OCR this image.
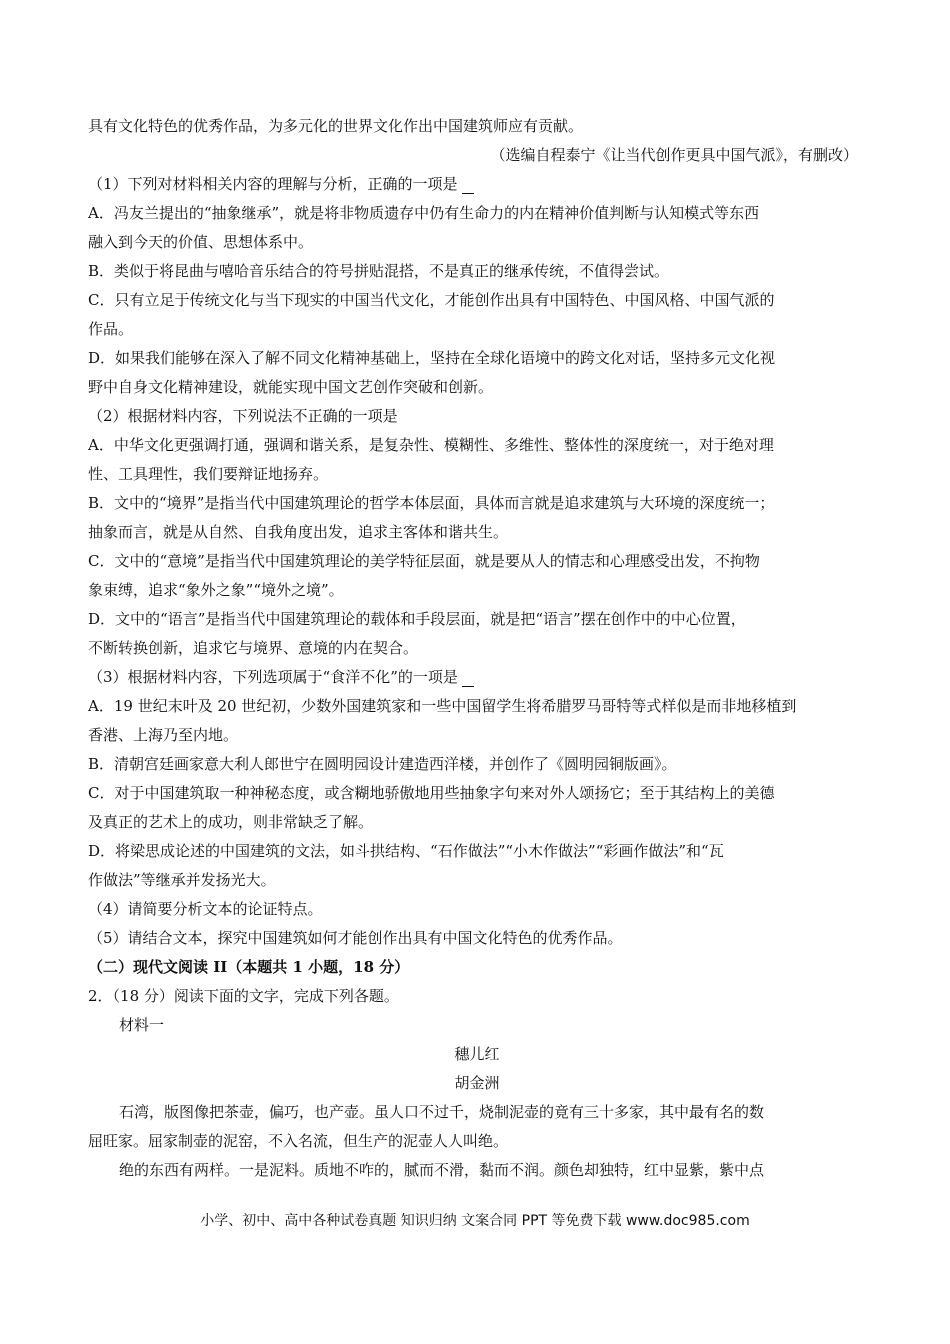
具有文化特色的优秀作品，为多元化的世界文化作出中国建筑师应有贡献。
（选编自程泰宁《让当代创作更具中国气派》，有删改）
（1）下列对材料相关内容的理解与分析，正确的一项是
A．冯友兰提出的“抽象继承”，就是将非物质遗存中仍有生命力的内在精神价值判断与认知模式等东西
融入到今天的价值、思想体系中。
B．类似于将昆曲与嘻哈音乐结合的符号拼贴混搭，不是真正的继承传统，不值得尝试。
C．只有立足于传统文化与当下现实的中国当代文化，才能创作出具有中国特色、中国风格、中国气派的
作品。
D．如果我们能够在深入了解不同文化精神基础上，坚持在全球化语境中的跨文化对话，坚持多元文化视
野中自身文化精神建设，就能实现中国文艺创作突破和创新。
（2）根据材料内容，下列说法不正确的一项是
A．中华文化更强调打通，强调和谐关系，是复杂性、模糊性、多维性、整体性的深度统一，对于绝对理
性、工具理性，我们要辩证地扬弃。
B．文中的“境界”是指当代中国建筑理论的哲学本体层面，具体而言就是追求建筑与大环境的深度统一；
抽象而言，就是从自然、自我角度出发，追求主客体和谐共生。
C．文中的“意境”是指当代中国建筑理论的美学特征层面，就是要从人的情志和心理感受出发，不拘物
象束缚，追求“象外之象”“境外之境”。
D．文中的“语言”是指当代中国建筑理论的载体和手段层面，就是把“语言”摆在创作中的中心位置，
不断转换创新，追求它与境界、意境的内在契合。
（3）根据材料内容，下列选项属于“食洋不化”的一项是
A．19 世纪末叶及 20 世纪初，少数外国建筑家和一些中国留学生将希腊罗马哥特等式样似是而非地移植到
香港、上海乃至内地。
B．清朝宫廷画家意大利人郎世宁在圆明园设计建造西洋楼，并创作了《圆明园铜版画》。
C．对于中国建筑取一种神秘态度，或含糊地骄傲地用些抽象字句来对外人颂扬它；至于其结构上的美德
及真正的艺术上的成功，则非常缺乏了解。
D．将梁思成论述的中国建筑的文法，如斗拱结构、“石作做法”“小木作做法”“彩画作做法”和“瓦
作做法”等继承并发扬光大。
（4）请简要分析文本的论证特点。
（5）请结合文本，探究中国建筑如何才能创作出具有中国文化特色的优秀作品。
（二）现代文阅读 II（本题共 1 小题，18 分）
2．（18 分）阅读下面的文字，完成下列各题。
材料一
穗儿红
胡金洲
石湾，版图像把茶壶，偏巧，也产壶。虽人口不过千，烧制泥壶的竟有三十多家，其中最有名的数
屈旺家。屈家制壶的泥窑，不入名流，但生产的泥壶人人叫绝。
绝的东西有两样。一是泥料。质地不咋的，腻而不滑，黏而不润。颜色却独特，红中显紫，紫中点
小学、初中、高中各种试卷真题 知识归纳 文案合同 PPT 等免费下载 www.doc985.com
